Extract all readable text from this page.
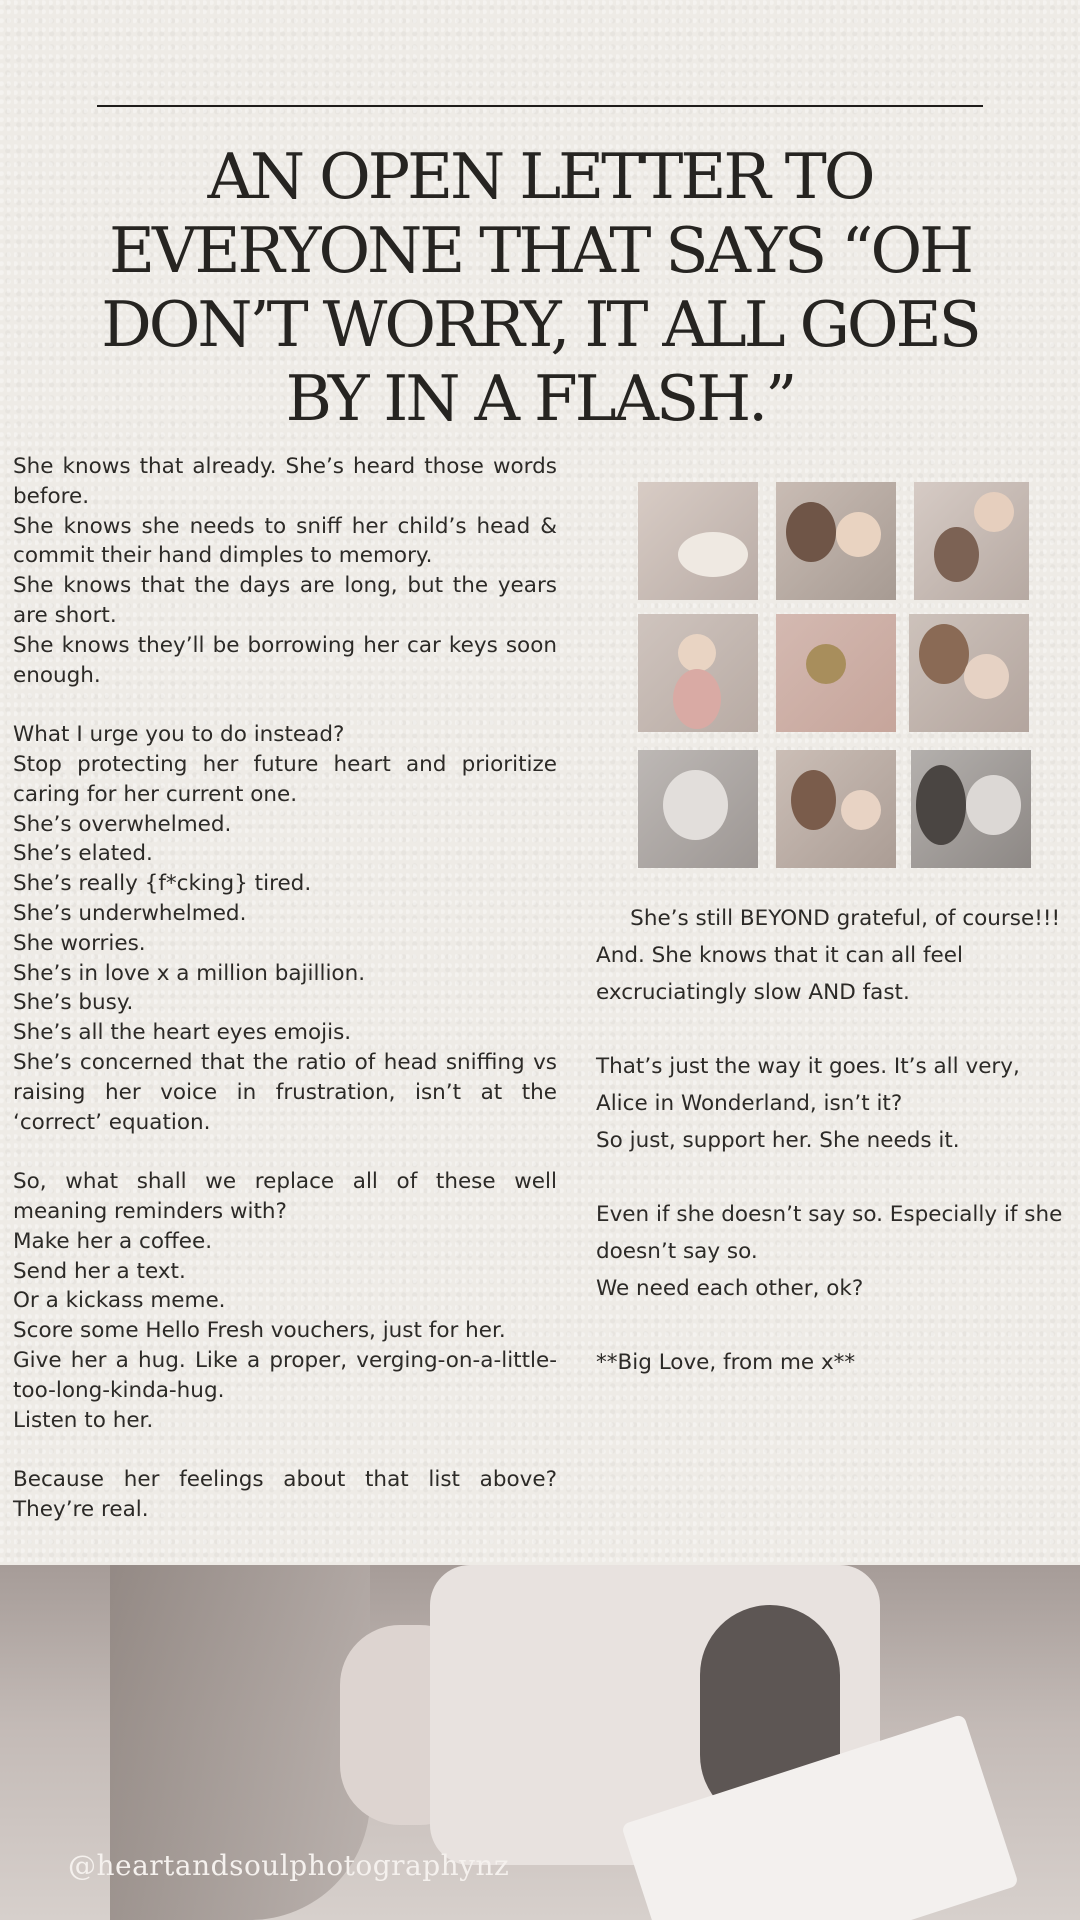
AN OPEN LETTER TO EVERYONE THAT SAYS “OH DON’T WORRY, IT ALL GOES BY IN A FLASH.”

She knows that already. She’s heard those words before.

She knows she needs to sniff her child’s head & commit their hand dimples to memory.

She knows that the days are long, but the years are short.

She knows they’ll be borrowing her car keys soon enough.

What I urge you to do instead?

Stop protecting her future heart and prioritize caring for her current one.

She’s overwhelmed.

She’s elated.

She’s really {f*cking} tired.

She’s underwhelmed.

She worries.

She’s in love x a million bajillion.

She’s busy.

She’s all the heart eyes emojis.

She’s concerned that the ratio of head sniffing vs raising her voice in frustration, isn’t at the ‘correct’ equation.

So, what shall we replace all of these well meaning reminders with?

Make her a coffee.

Send her a text.

Or a kickass meme.

Score some Hello Fresh vouchers, just for her.

Give her a hug. Like a proper, verging-on-a-little-too-long-kinda-hug.

Listen to her.

Because her feelings about that list above? They’re real.

She’s still BEYOND grateful, of course!!! And. She knows that it can all feel excruciatingly slow AND fast.

That’s just the way it goes. It’s all very, Alice in Wonderland, isn’t it?

So just, support her. She needs it.

Even if she doesn’t say so. Especially if she doesn’t say so.

We need each other, ok?

**Big Love, from me x**

@heartandsoulphotographynz
